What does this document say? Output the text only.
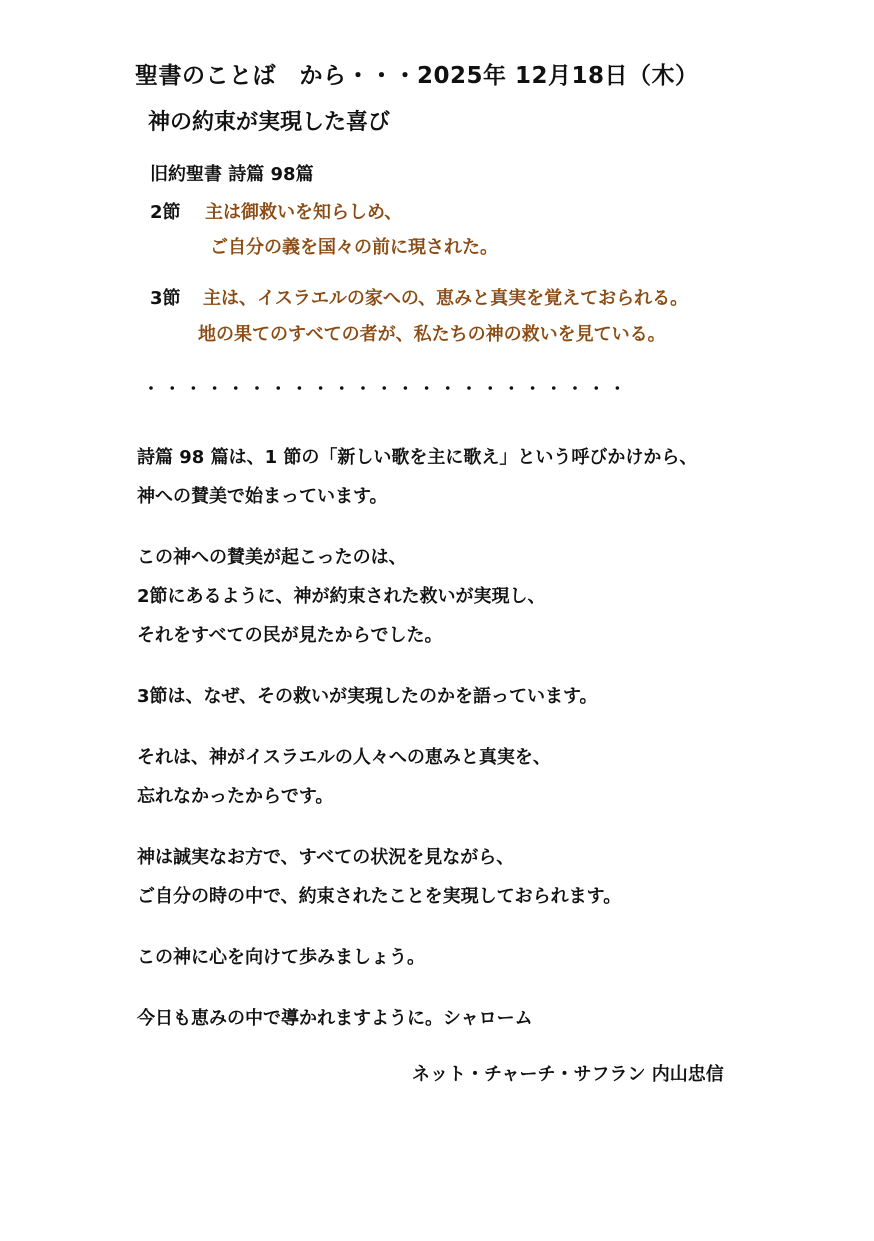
聖書のことば　から・・・2025年 12月18日（木）
神の約束が実現した喜び
旧約聖書 詩篇 98篇
2節 主は御救いを知らしめ、
ご自分の義を国々の前に現された。
3節 主は、イスラエルの家への、恵みと真実を覚えておられる。
地の果てのすべての者が、私たちの神の救いを見ている。
・・・・・・・・・・・・・・・・・・・・・・・
詩篇 98 篇は、1 節の「新しい歌を主に歌え」という呼びかけから、
神への賛美で始まっています。
この神への賛美が起こったのは、
2節にあるように、神が約束された救いが実現し、
それをすべての民が見たからでした。
3節は、なぜ、その救いが実現したのかを語っています。
それは、神がイスラエルの人々への恵みと真実を、
忘れなかったからです。
神は誠実なお方で、すべての状況を見ながら、
ご自分の時の中で、約束されたことを実現しておられます。
この神に心を向けて歩みましょう。
今日も恵みの中で導かれますように。シャローム
ネット・チャーチ・サフラン 内山忠信
